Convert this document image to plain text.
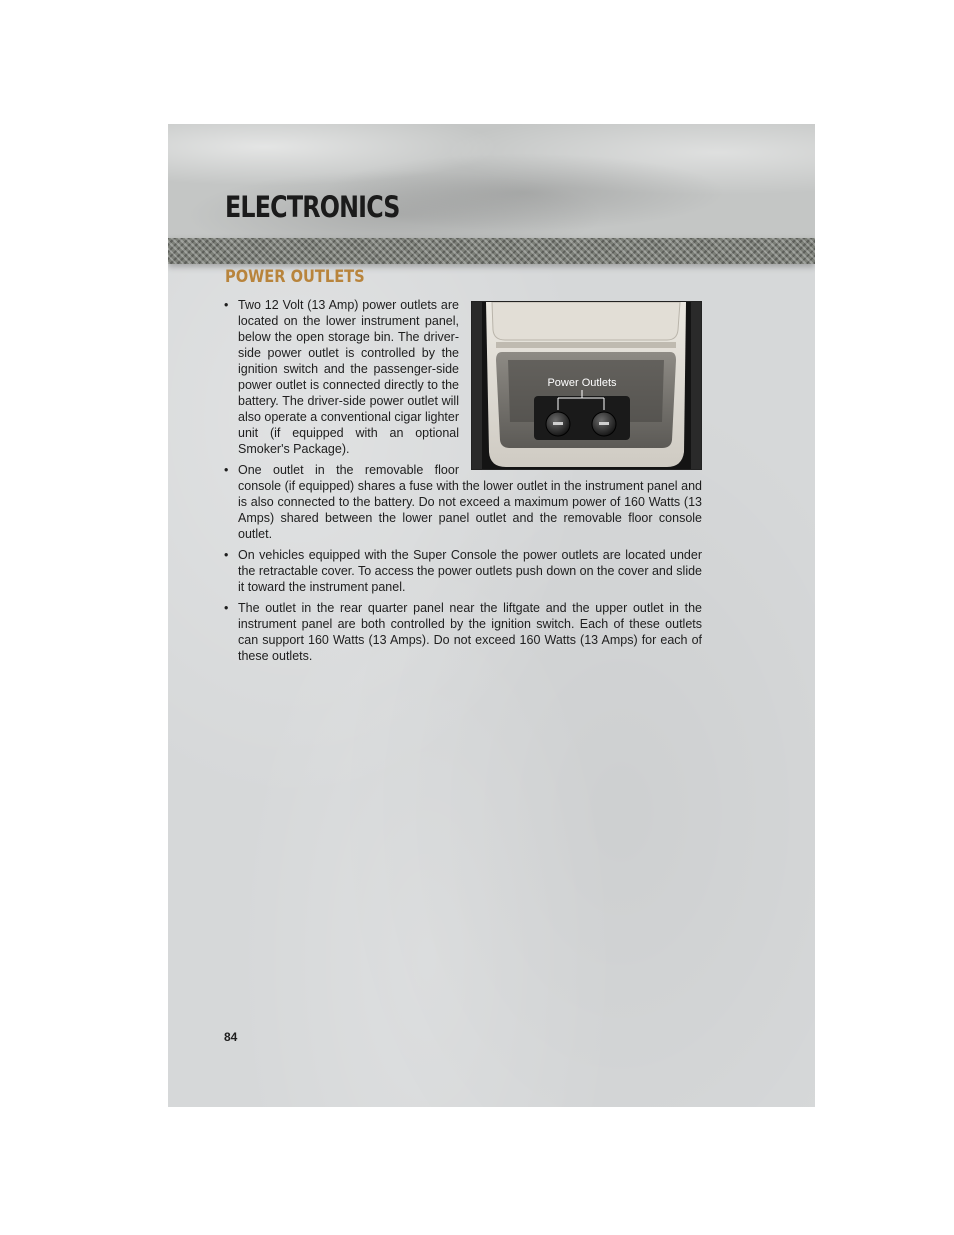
ELECTRONICS
POWER OUTLETS
Power Outlets

• Two 12 Volt (13 Amp) power outlets are located on the lower instrument panel, below the open storage bin. The driver-side power outlet is controlled by the ignition switch and the passenger-side power outlet is connected directly to the battery. The driver-side power outlet will also operate a conventional cigar lighter unit (if equipped with an optional Smoker's Package).

• One outlet in the removable floor console (if equipped) shares a fuse with the lower outlet in the instrument panel and is also connected to the battery. Do not exceed a maximum power of 160 Watts (13 Amps) shared between the lower panel outlet and the removable floor console outlet.

• On vehicles equipped with the Super Console the power outlets are located under the retractable cover. To access the power outlets push down on the cover and slide it toward the instrument panel.

• The outlet in the rear quarter panel near the liftgate and the upper outlet in the instrument panel are both controlled by the ignition switch. Each of these outlets can support 160 Watts (13 Amps). Do not exceed 160 Watts (13 Amps) for each of these outlets.

84
